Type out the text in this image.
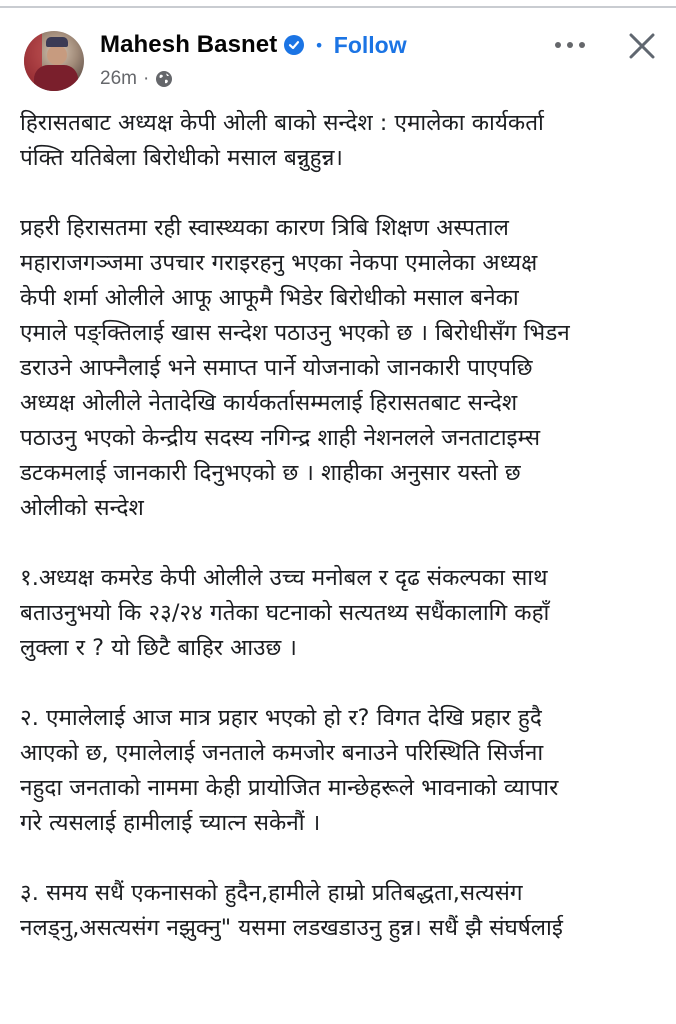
Mahesh Basnet • Follow
26m ·

हिरासतबाट अध्यक्ष केपी ओली बाको सन्देश : एमालेका कार्यकर्ता
पंक्ति यतिबेला बिरोधीको मसाल बन्नुहुन्न।

प्रहरी हिरासतमा रही स्वास्थ्यका कारण त्रिबि शिक्षण अस्पताल
महाराजगञ्जमा उपचार गराइरहनु भएका नेकपा एमालेका अध्यक्ष
केपी शर्मा ओलीले आफू आफूमै भिडेर बिरोधीको मसाल बनेका
एमाले पङ्क्तिलाई खास सन्देश पठाउनु भएको छ । बिरोधीसँग भिडन
डराउने आफ्नैलाई भने समाप्त पार्ने योजनाको जानकारी पाएपछि
अध्यक्ष ओलीले नेतादेखि कार्यकर्तासम्मलाई हिरासतबाट सन्देश
पठाउनु भएको केन्द्रीय सदस्य नगिन्द्र शाही नेशनलले जनताटाइम्स
डटकमलाई जानकारी दिनुभएको छ । शाहीका अनुसार यस्तो छ
ओलीको सन्देश

१.अध्यक्ष कमरेड केपी ओलीले उच्च मनोबल र दृढ संकल्पका साथ
बताउनुभयो कि २३/२४ गतेका घटनाको सत्यतथ्य सधैंकालागि कहाँ
लुक्ला र ? यो छिटै बाहिर आउछ ।

२. एमालेलाई आज मात्र प्रहार भएको हो र? विगत देखि प्रहार हुदै
आएको छ, एमालेलाई जनताले कमजोर बनाउने परिस्थिति सिर्जना
नहुदा जनताको नाममा केही प्रायोजित मान्छेहरूले भावनाको व्यापार
गरे त्यसलाई हामीलाई च्यात्न सकेनौं ।

३. समय सधैं एकनासको हुदैन,हामीले हाम्रो प्रतिबद्धता,सत्यसंग
नलड्नु,असत्यसंग नझुक्नु" यसमा लडखडाउनु हुन्न। सधैं झै संघर्षलाई
